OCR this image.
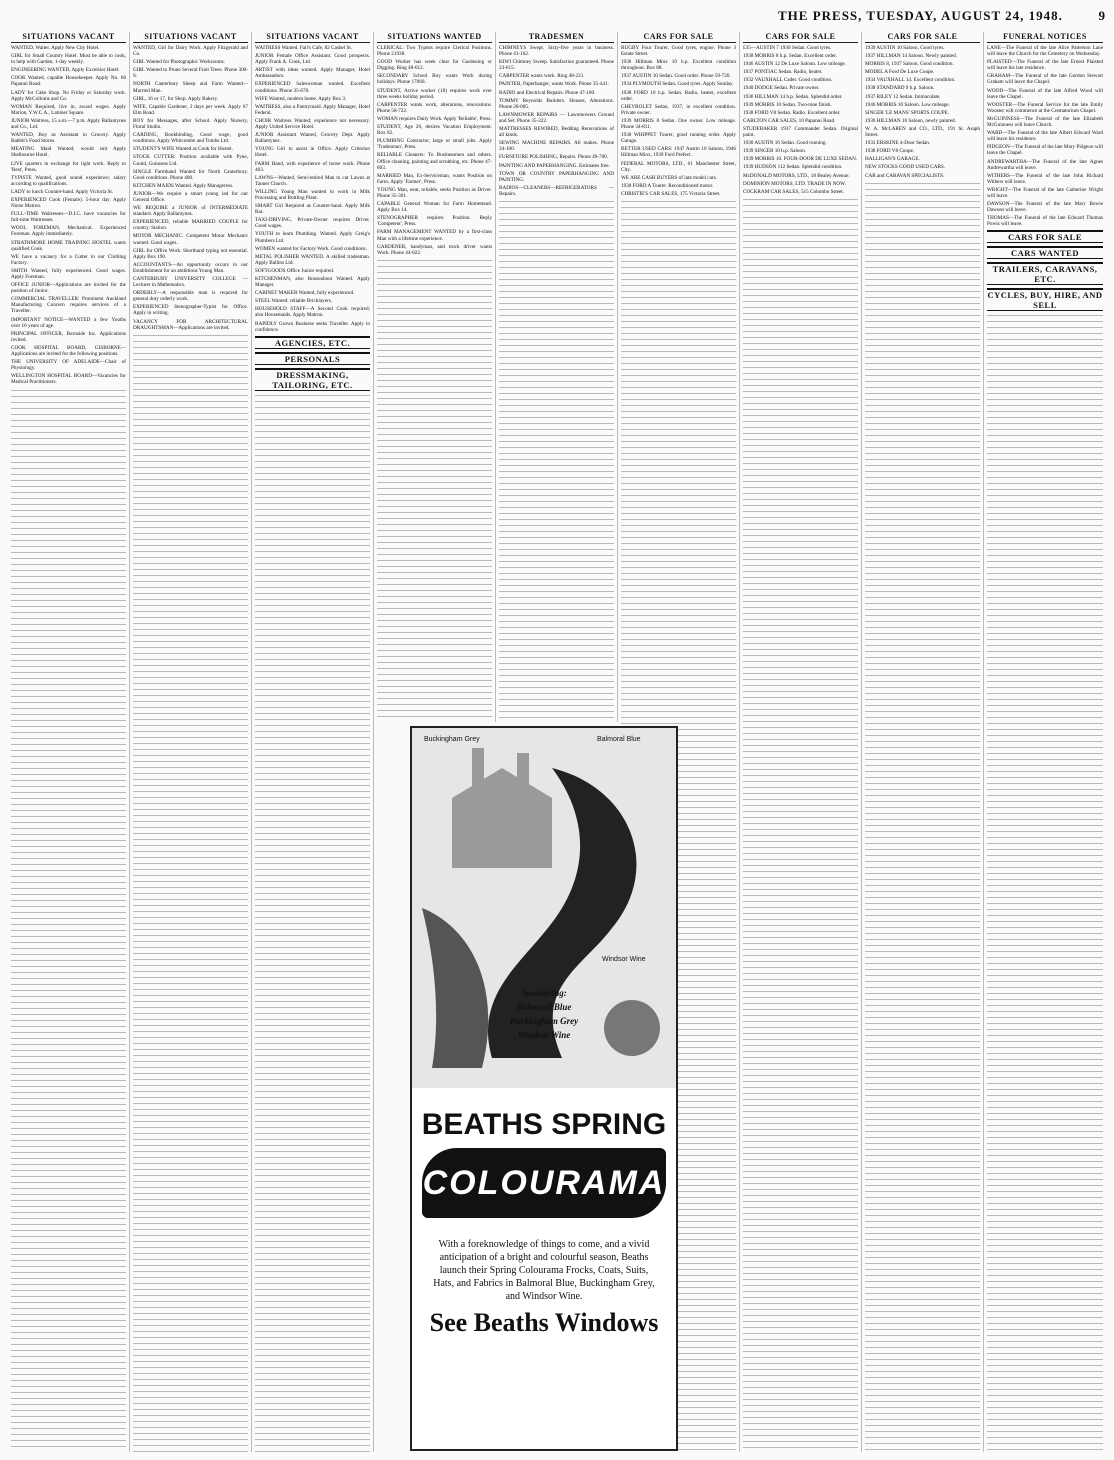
THE PRESS, TUESDAY, AUGUST 24, 1948.	9
SITUATIONS VACANT
WANTED, Waiter. Apply New City Hotel.
GIRL for Small Country Hotel. Must be able to cook, to help with Garden, 1-day weekly.
ENGINEERING WANTED, Apply Excelsior Hotel.
COOK Wanted, capable Housekeeper. Apply No. 68 Papanui Road.
LADY for Cake Shop. No Friday or Saturday work. Apply McColloms and Co.
WOMAN Required, live in, award wages. Apply Marion, Y.W.C.A., Latimer Square.
JUNIOR Waitress, 15 a.m.—7 p.m. Apply Ballantynes and Co., Ltd.
WANTED, Boy as Assistant in Grocery. Apply Rabbit's Food Stores.
MEATING Maid Wanted; would suit Apply Shelbourne Hotel.
LIVE quarters in exchange for light work. Reply to 'Rest', Press.
TYPISTE Wanted, good sound experience; salary according to qualifications.
LADY to lunch Counter-hand. Apply Victoria St.
EXPERIENCED Cook (Female). 5-hour day. Apply Nurse Matron.
FULL-TIME Waitresses—D.I.C. have vacancies for full-time Waitresses.
WOOL FOREMAN, Mechanical. Experienced Foreman. Apply immediately.
STRATHMORE HOME TRAINING HOSTEL wants qualified Cook.
WE have a vacancy for a Cutter in our Clothing Factory.
SMITH Wanted, fully experienced. Good wages. Apply Foreman.
OFFICE JUNIOR—Applications are invited for the position of Junior.
COMMERCIAL TRAVELLER: Prominent Auckland Manufacturing Concern requires services of a Traveller.
IMPORTANT NOTICE—WANTED a few Youths over 16 years of age.
PRINCIPAL OFFICER, Burnside Inc. Applications invited.
COOK HOSPITAL BOARD, GISBORNE—Applications are invited for the following positions.
THE UNIVERSITY OF ADELAIDE—Chair of Physiology.
WELLINGTON HOSPITAL BOARD—Vacancies for Medical Practitioners.
SITUATIONS VACANT
WANTED, Girl for Dairy Work. Apply Fitzgerald and Co.
GIRL Wanted for Photographic Workrooms.
GIRL Wanted to Prune Several Fruit Trees. Phone 300-S.
NORTH Canterbury Sheep and Farm Wanted—Married Man.
GIRL, 16 or 17, for Shop. Apply Bakery.
WIFE, Capable Gardener, 2 days per week. Apply 67 Elm Road.
BOY for Messages, after School. Apply Nursery, Floral Studio.
CARDING, Bookbinding, Good wage, good conditions. Apply Whitcombe and Tombs Ltd.
STUDENT'S WIFE Wanted as Cook for Hostel.
STOCK CUTTER: Position available with Pyne, Gould, Guinness Ltd.
SINGLE Farmhand Wanted for North Canterbury. Good conditions. Phone 400.
KITCHEN MAIDS Wanted. Apply Manageress.
JUNIOR—We require a smart young lad for our General Office.
WE REQUIRE a JUNIOR of INTERMEDIATE standard. Apply Ballantynes.
EXPERIENCED, reliable MARRIED COUPLE for country. Station.
MOTOR MECHANIC: Competent Motor Mechanic wanted. Good wages.
GIRL for Office Work. Shorthand typing not essential. Apply Box 190.
ACCOUNTANTS—An opportunity occurs in our Establishment for an ambitious Young Man.
CANTERBURY UNIVERSITY COLLEGE — Lecturer in Mathematics.
ORDERLY—A responsible man is required for general duty orderly work.
EXPERIENCED Stenographer-Typist for Office. Apply in writing.
VACANCY FOR ARCHITECTURAL DRAUGHTSMAN—Applications are invited.
SITUATIONS VACANT
WAITRESS Wanted. Fail's Cafe, 82 Cashel St.
JUNIOR Female Office Assistant. Good prospects. Apply Frank A. Cook, Ltd.
ARTIST with ideas wanted. Apply Manager, Hotel Ambassadors.
EXPERIENCED Saleswoman wanted. Excellent conditions. Phone 35-670.
WIFE Wanted, modern home. Apply Box 3.
WAITRESS, also a Pantrymaid. Apply Manager, Hotel Federal.
CHOIR Waitress Wanted; experience not necessary. Apply United Service Hotel.
JUNIOR Assistant Wanted, Grocery Dept. Apply Ballantynes.
YOUNG Girl to assist in Office. Apply Criterion Hotel.
FARM Hand, with experience of horse work. Phone 403.
LAWNS—Wanted, Semi-retired Man to cut Lawns at Tanner Church.
WILLING Young Man wanted to work in Milk Processing and Bottling Plant.
SMART Girl Required as Counter-hand. Apply Milk Bar.
TAXI-DRIVING, Private-Owner requires Driver. Good wages.
YOUTH to learn Plumbing. Wanted. Apply Greig's Plumbers Ltd.
WOMEN wanted for Factory Work. Good conditions.
METAL POLISHER WANTED. A skilled tradesman. Apply Ballins Ltd.
SOFTGOODS Office Junior required.
KITCHENMAN, also Rouseabout Wanted. Apply Manager.
CABINET MAKER Wanted, fully experienced.
STEEL Wanted: reliable Bricklayers.
HOUSEHOLD STAFF—A Second Cook required; also Housemaids. Apply Matron.
RAPIDLY Grown Business seeks Traveller. Apply in confidence.
AGENCIES, ETC.
PERSONALS
DRESSMAKING, TAILORING, ETC.
SITUATIONS WANTED
CLERICAL: Two Typists require Clerical Positions. Phone 21938.
GOOD Worker has week clear for Gardening or Digging. Ring 48-612.
SECONDARY School Boy wants Work during holidays. Phone 17660.
STUDENT, Active worker (18) requires work over three weeks holiday period.
CARPENTER wants work, alterations, renovations. Phone 58-722.
WOMAN requires Daily Work. Apply 'Reliable', Press.
STUDENT, Age 20, desires Vacation Employment. Box 82.
PLUMBING Contractor, large or small jobs. Apply 'Tradesman', Press.
RELIABLE Cleaners: To Businessmen and others. Office cleaning, painting and scrubbing, etc. Phone 47-803.
MARRIED Man, Ex-Serviceman, wants Position on Farm. Apply 'Farmer', Press.
YOUNG Man, neat, reliable, seeks Position as Driver. Phone 35-301.
CAPABLE General Woman for Farm Homestead. Apply Box 14.
STENOGRAPHER requires Position. Reply 'Competent', Press.
FARM MANAGEMENT WANTED by a first-class Man with a lifetime experience.
GARDENER, handyman, and truck driver wants Work. Phone 44-022.
TRADESMEN
CHIMNEYS Swept. Sixty-five years in business. Phone 41-162.
KIWI Chimney Sweep. Satisfaction guaranteed. Phone 23-615.
CARPENTER wants work. Ring 48-221.
PAINTER, Paperhanger, wants Work. Phone 35-441.
RADIO and Electrical Repairs. Phone 47-100.
TOMMY Reynolds Builders. Houses, Alterations. Phone 28-005.
LAWNMOWER REPAIRS — Lawnmowers Ground and Set. Phone 35-222.
MATTRESSES REWIRED, Bedding Renovations of all kinds.
SEWING MACHINE REPAIRS. All makes. Phone 34-100.
FURNITURE POLISHING, Repairs. Phone 49-700.
PAINTING AND PAPERHANGING. Estimates free.
TOWN OR COUNTRY PAPERHANGING AND PAINTING.
RADIOS—CLEANERS—REFRIGERATORS — Repairs.
CARS FOR SALE
RUGBY Four Tourer, Good tyres, engine. Phone 3 Estate Street.
1936 Hillman Minx 10 h.p. Excellent condition throughout. Box 88.
1937 AUSTIN 10 Sedan. Good order. Phone 59-720.
1934 PLYMOUTH Sedan. Good tyres. Apply Sunday.
1938 FORD 10 h.p. Sedan. Radio, heater, excellent order.
CHEVROLET Sedan, 1937, in excellent condition. Private owner.
1939 MORRIS 8 Sedan. One owner. Low mileage. Phone 34-811.
1930 WHIPPET Tourer, good running order. Apply Garage.
BETTER USED CARS: 1947 Austin 10 Saloon, 1946 Hillman Minx, 1939 Ford Prefect.
FEDERAL MOTORS, LTD., 61 Manchester Street, City.
WE ARE CASH BUYERS of late model cars.
1930 FORD A Tourer. Reconditioned motor.
CHRISTIE'S CAR SALES, 175 Victoria Street.
CARS FOR SALE
£35—AUSTIN 7 1930 Sedan. Good tyres.
1938 MORRIS 8 h.p. Sedan. Excellent order.
1946 AUSTIN 12 De Luxe Saloon. Low mileage.
1937 PONTIAC Sedan. Radio, heater.
1932 VAUXHALL Cadet. Good condition.
1940 DODGE Sedan. Private owner.
1936 HILLMAN 14 h.p. Sedan. Splendid order.
1939 MORRIS 10 Sedan. Two-tone finish.
1938 FORD V8 Sedan. Radio. Excellent order.
CARLTON CAR SALES, 10 Papanui Road.
STUDEBAKER 1937 Commander Sedan. Original paint.
1930 AUSTIN 16 Sedan. Good running.
1939 SINGER 10 h.p. Saloon.
1939 MORRIS 10. FOUR-DOOR DE LUXE SEDAN.
1939 HUDSON 112 Sedan. Splendid condition.
McDONALD MOTORS, LTD., 18 Bealey Avenue.
DOMINION MOTORS, LTD. TRADE IN NOW.
COCKRAM CAR SALES, 515 Colombo Street.
CARS FOR SALE
1939 AUSTIN 10 Saloon. Good tyres.
1937 HILLMAN 14 Saloon. Newly painted.
MORRIS 8, 1937 Saloon. Good condition.
MODEL A Ford De Luxe Coupe.
1934 VAUXHALL 14. Excellent condition.
1938 STANDARD 9 h.p. Saloon.
1937 RILEY 12 Sedan. Immaculate.
1946 MORRIS 10 Saloon. Low mileage.
SINGER 'LE MANS' SPORTS COUPE.
1936 HILLMAN 10 Saloon, newly painted.
W. A. McLAREN and CO., LTD., 191 St. Asaph Street.
1933 ERSKINE 4-Door Sedan.
1938 FORD V8 Coupe.
HALLIGAN'S GARAGE.
NEW STOCKS GOOD USED CARS.
CAR and CARAVAN SPECIALISTS.
FUNERAL NOTICES
LANE—The Funeral of the late Alice Patterson Lane will leave the Church for the Cemetery on Wednesday.
PLAISTED—The Funeral of the late Ernest Plaisted will leave his late residence.
GRAHAM—The Funeral of the late Gordon Stewart Graham will leave the Chapel.
WOOD—The Funeral of the late Alfred Wood will leave the Chapel.
WOOSTER—The Funeral Service for the late Emily Wooster will commence at the Crematorium Chapel.
McGUINNESS—The Funeral of the late Elizabeth McGuinness will leave Church.
WARD—The Funeral of the late Albert Edward Ward will leave his residence.
PIDGEON—The Funeral of the late Mary Pidgeon will leave the Chapel.
ANDREWARTHA—The Funeral of the late Agnes Andrewartha will leave.
WITHERS—The Funeral of the late John Richard Withers will leave.
WRIGHT—The Funeral of the late Catherine Wright will leave.
DAWSON—The Funeral of the late Mary Bowie Dawson will leave.
THOMAS—The Funeral of the late Edward Thomas Powis will leave.
CARS FOR SALE
CARS WANTED
TRAILERS, CARAVANS, ETC.
CYCLES, BUY, HIRE, AND SELL
Buckingham Grey	Balmoral Blue
Windsor Wine
Sponsoring:
Balmoral Blue
Buckingham Grey
Windsor Wine
BEATHS SPRING
COLOURAMA
With a foreknowledge of things to come, and a vivid anticipation of a bright and colourful season, Beaths launch their Spring Colourama Frocks, Coats, Suits, Hats, and Fabrics in Balmoral Blue, Buckingham Grey, and Windsor Wine.
See Beaths Windows
